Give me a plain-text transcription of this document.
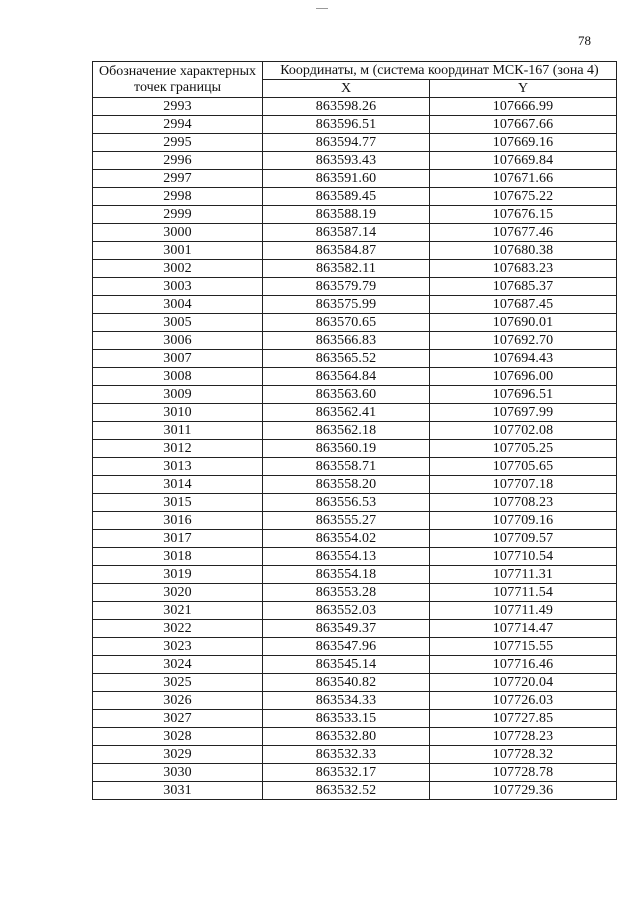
78
Обозначение характерных точек границы	Координаты, м (система координат МСК-167 (зона 4)	
	X	Y
2993	863598.26	107666.99
2994	863596.51	107667.66
2995	863594.77	107669.16
2996	863593.43	107669.84
2997	863591.60	107671.66
2998	863589.45	107675.22
2999	863588.19	107676.15
3000	863587.14	107677.46
3001	863584.87	107680.38
3002	863582.11	107683.23
3003	863579.79	107685.37
3004	863575.99	107687.45
3005	863570.65	107690.01
3006	863566.83	107692.70
3007	863565.52	107694.43
3008	863564.84	107696.00
3009	863563.60	107696.51
3010	863562.41	107697.99
3011	863562.18	107702.08
3012	863560.19	107705.25
3013	863558.71	107705.65
3014	863558.20	107707.18
3015	863556.53	107708.23
3016	863555.27	107709.16
3017	863554.02	107709.57
3018	863554.13	107710.54
3019	863554.18	107711.31
3020	863553.28	107711.54
3021	863552.03	107711.49
3022	863549.37	107714.47
3023	863547.96	107715.55
3024	863545.14	107716.46
3025	863540.82	107720.04
3026	863534.33	107726.03
3027	863533.15	107727.85
3028	863532.80	107728.23
3029	863532.33	107728.32
3030	863532.17	107728.78
3031	863532.52	107729.36
